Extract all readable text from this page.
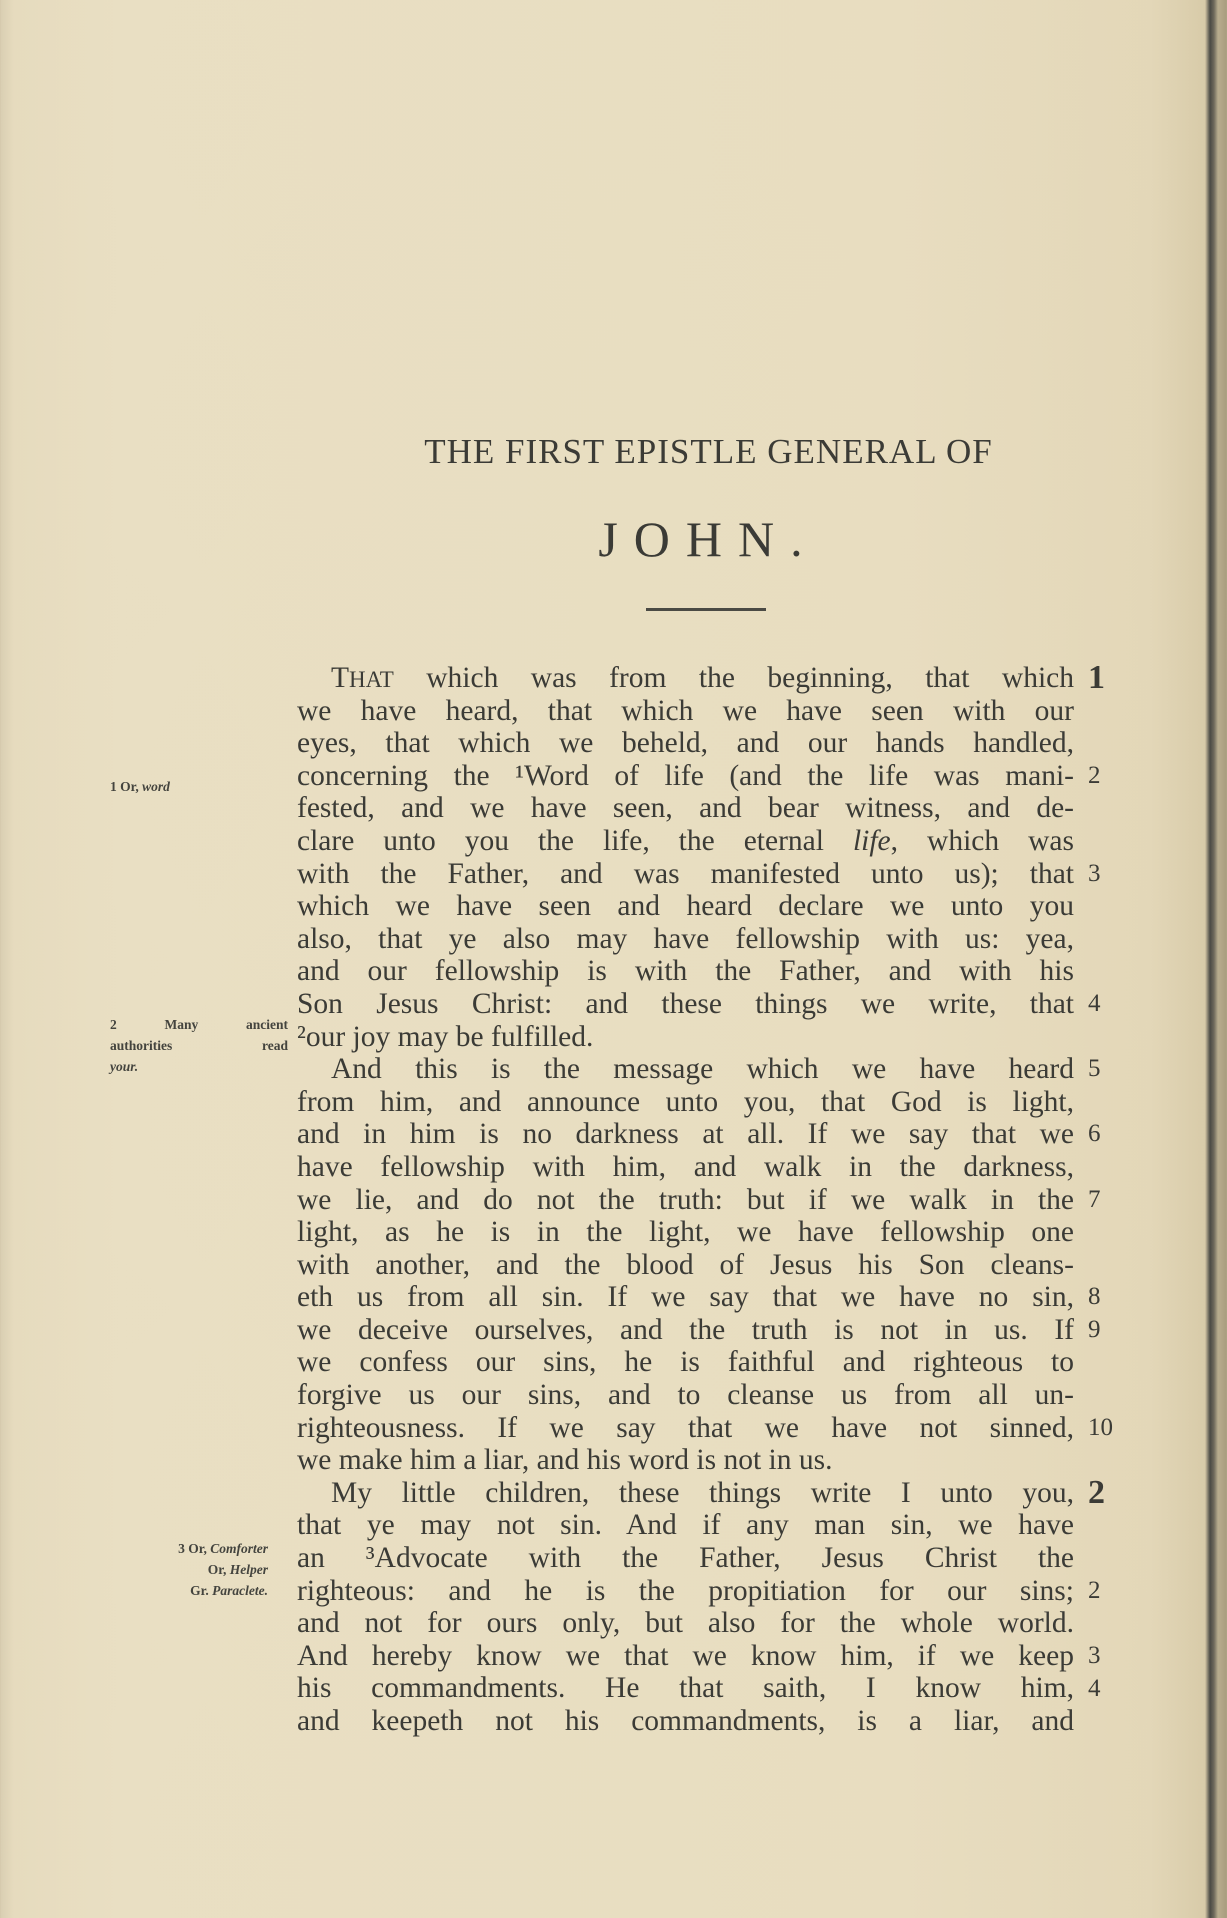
THE FIRST EPISTLE GENERAL OF
JOHN.
THAT which was from the beginning, that which
we have heard, that which we have seen with our
eyes, that which we beheld, and our hands handled,
concerning the ¹Word of life (and the life was mani-
fested, and we have seen, and bear witness, and de-
clare unto you the life, the eternal life, which was
with the Father, and was manifested unto us); that
which we have seen and heard declare we unto you
also, that ye also may have fellowship with us: yea,
and our fellowship is with the Father, and with his
Son Jesus Christ: and these things we write, that
²our joy may be fulfilled.
And this is the message which we have heard
from him, and announce unto you, that God is light,
and in him is no darkness at all. If we say that we
have fellowship with him, and walk in the darkness,
we lie, and do not the truth: but if we walk in the
light, as he is in the light, we have fellowship one
with another, and the blood of Jesus his Son cleans-
eth us from all sin. If we say that we have no sin,
we deceive ourselves, and the truth is not in us. If
we confess our sins, he is faithful and righteous to
forgive us our sins, and to cleanse us from all un-
righteousness. If we say that we have not sinned,
we make him a liar, and his word is not in us.
My little children, these things write I unto you,
that ye may not sin. And if any man sin, we have
an ³Advocate with the Father, Jesus Christ the
righteous: and he is the propitiation for our sins;
and not for ours only, but also for the whole world.
And hereby know we that we know him, if we keep
his commandments. He that saith, I know him,
and keepeth not his commandments, is a liar, and
1 Or, word
2 Many ancient
authorities read
your.
3 Or, Comforter
Or, Helper
Gr. Paraclete.
1
2
3
4
5
6
7
8
9
10
2
2
3
4
